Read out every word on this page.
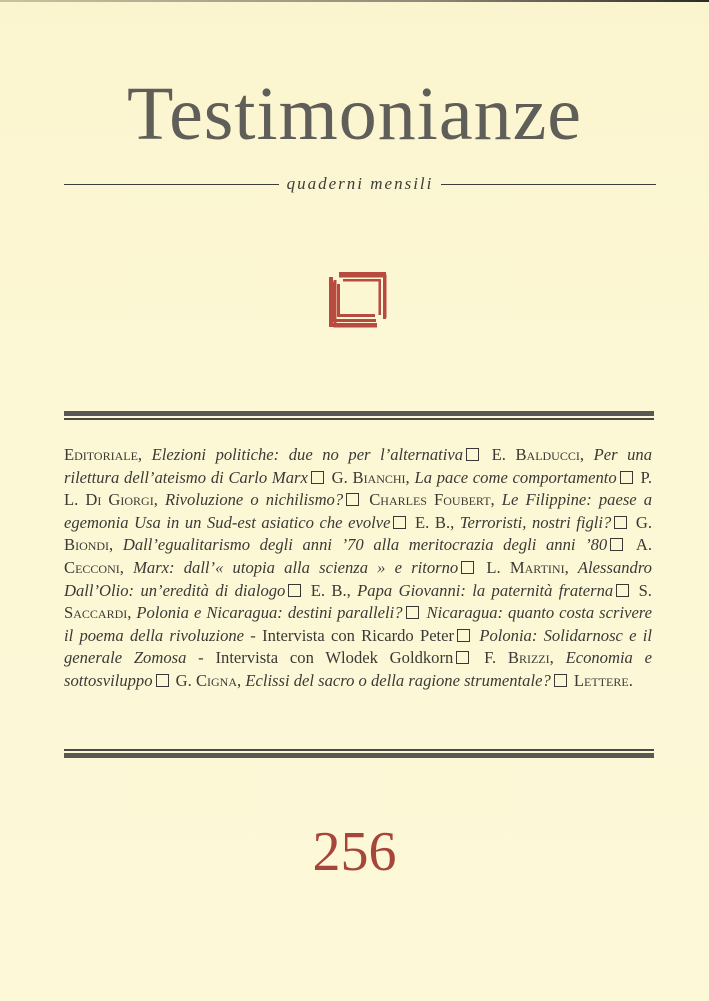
Testimonianze
quaderni mensili
Editoriale, Elezioni politiche: due no per l’alternativa E. Balducci, Per una rilettura dell’ateismo di Carlo Marx G. Bianchi, La pace come comportamento P. L. Di Giorgi, Rivoluzione o nichilismo? Charles Foubert, Le Filippine: paese a egemonia Usa in un Sud-est asiatico che evolve E. B., Terroristi, nostri figli? G. Biondi, Dall’egualitarismo degli anni ’70 alla meritocrazia degli anni ’80 A. Cecconi, Marx: dall’« utopia alla scienza » e ritorno L. Martini, Alessandro Dall’Olio: un’eredità di dialogo E. B., Papa Giovanni: la paternità fraterna S. Saccardi, Polonia e Nicaragua: destini paralleli? Nicaragua: quanto costa scrivere il poema della rivoluzione - Intervista con Ricardo Peter Polonia: Solidarnosc e il generale Zomosa - Intervista con Wlodek Goldkorn F. Brizzi, Economia e sottosviluppo G. Cigna, Eclissi del sacro o della ragione strumentale? Lettere.
256
